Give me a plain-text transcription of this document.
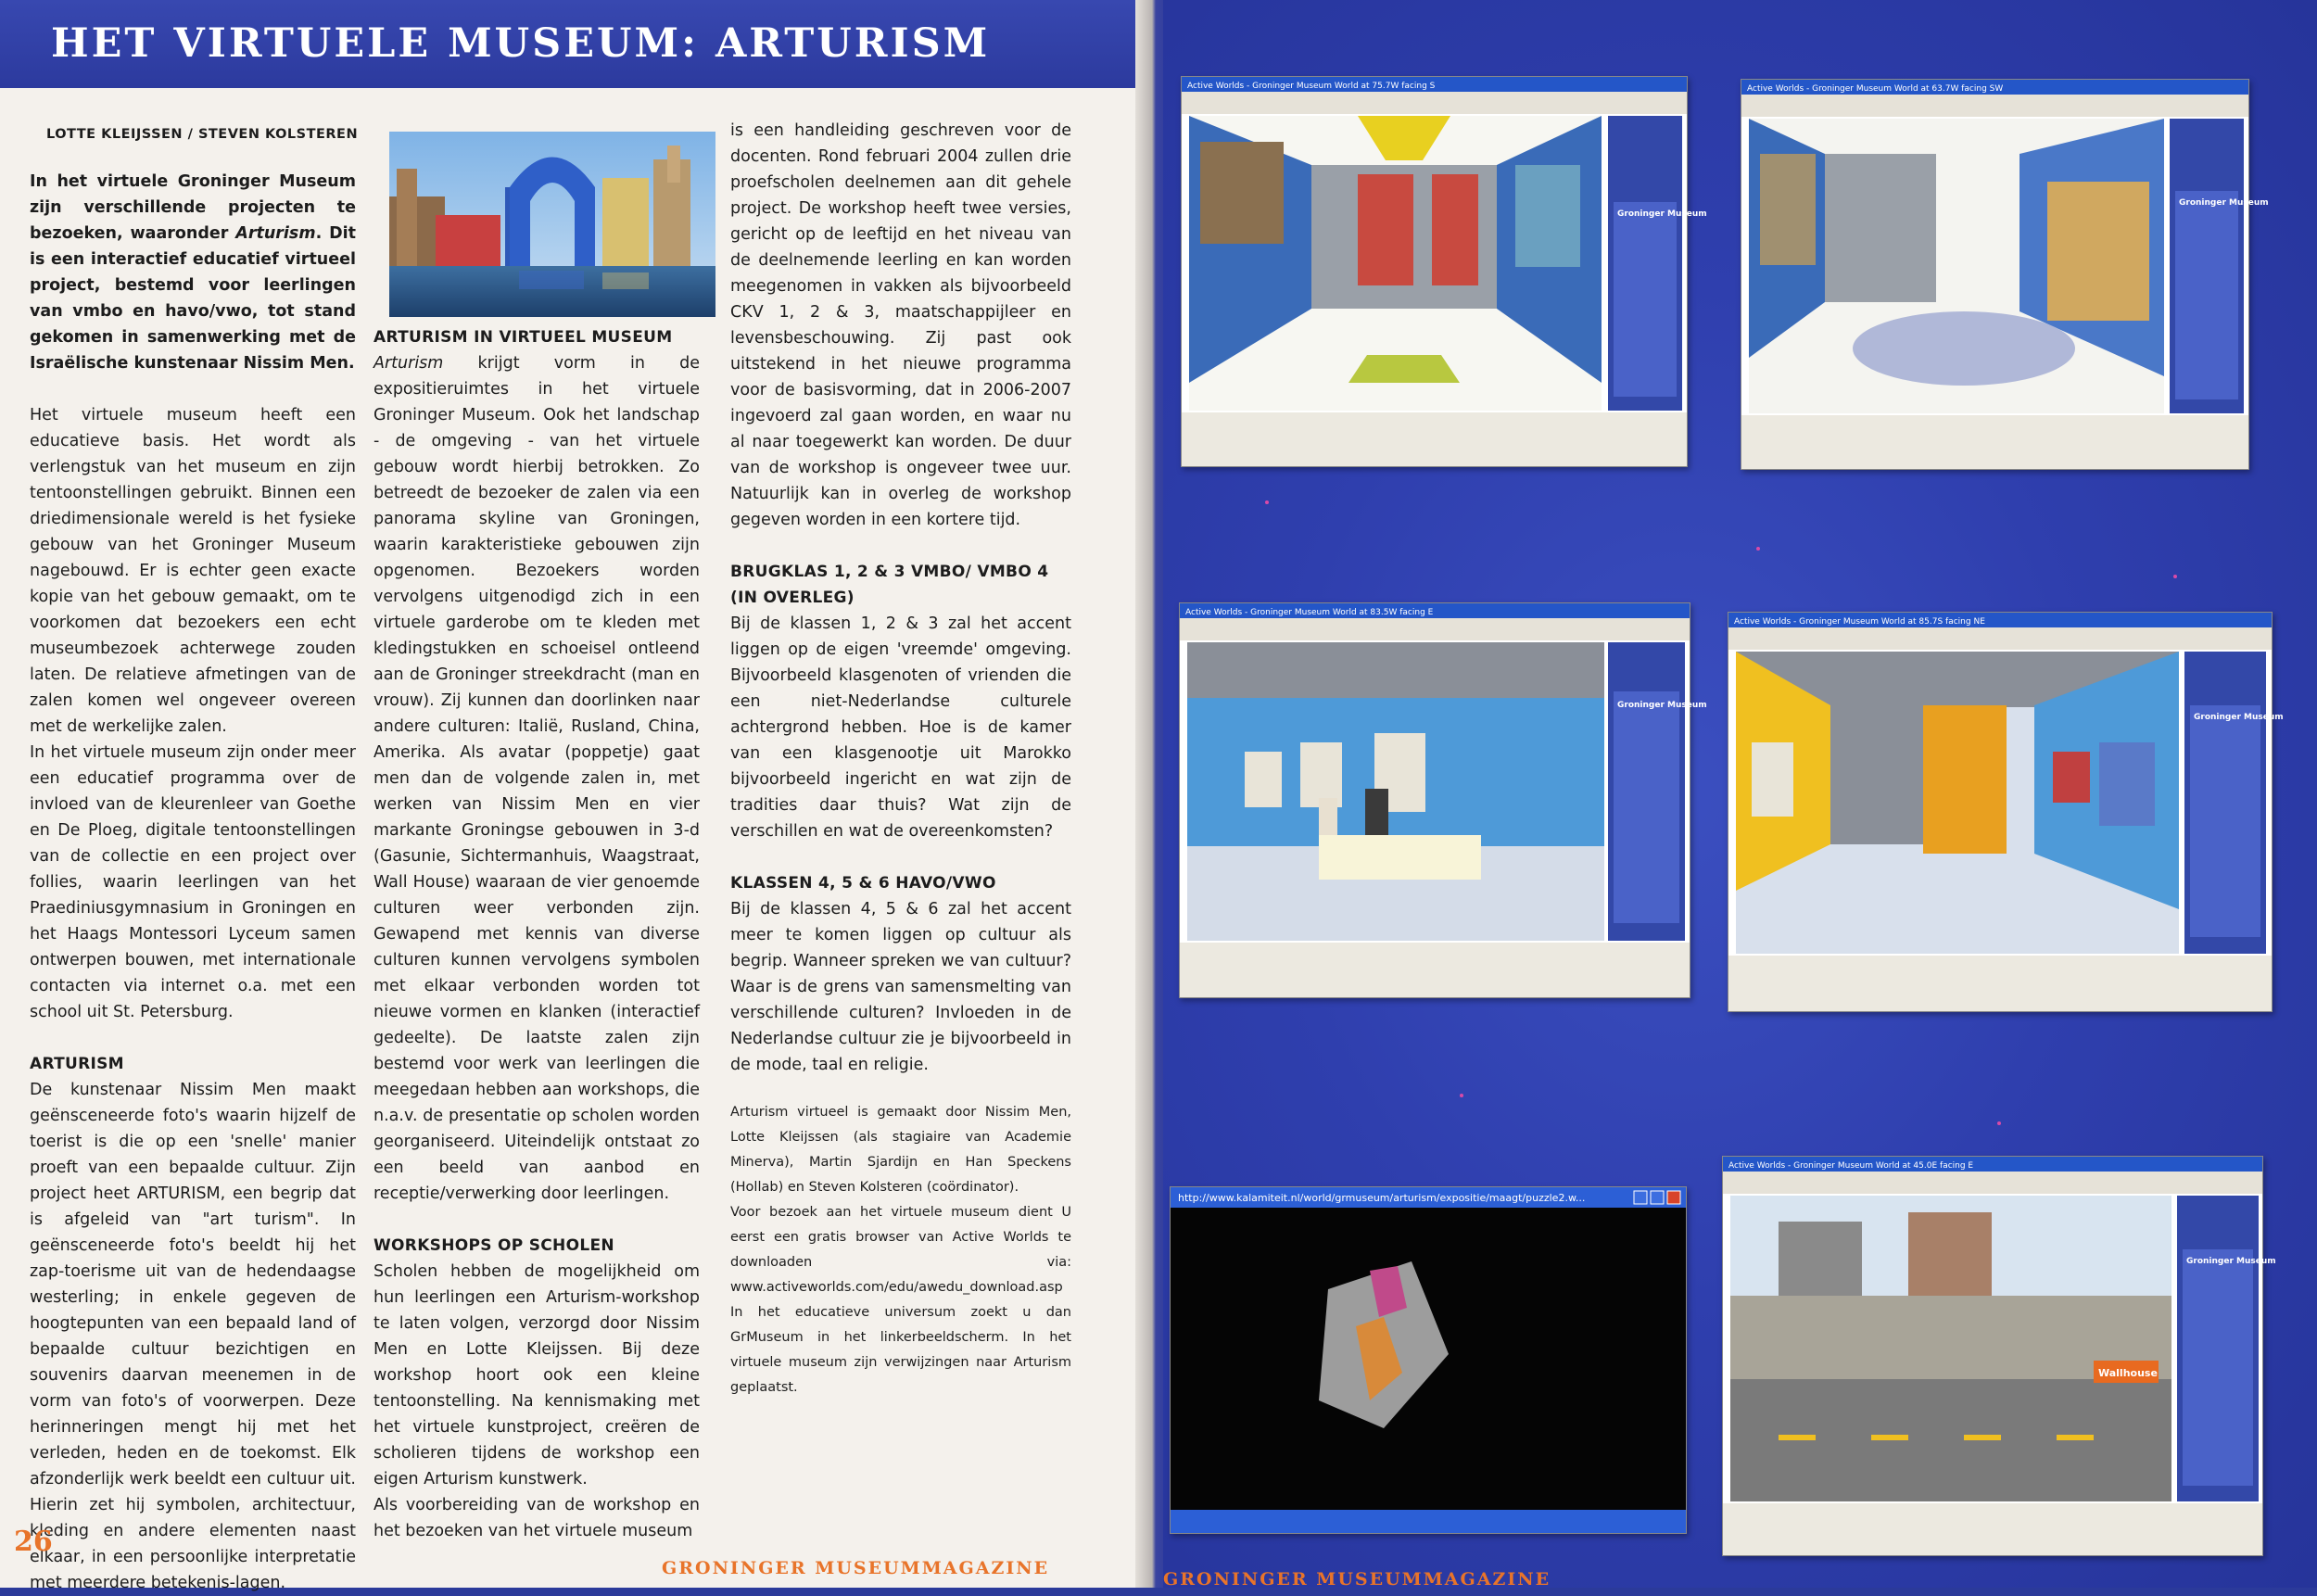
HET VIRTUELE MUSEUM: ARTURISM
LOTTE KLEIJSSEN / STEVEN KOLSTEREN

In het virtuele Groninger Museum zijn verschillende projecten te bezoeken, waaronder Arturism. Dit is een interactief educatief virtueel project, bestemd voor leerlingen van vmbo en havo/vwo, tot stand gekomen in samenwerking met de Israëlische kunstenaar Nissim Men.

Het virtuele museum heeft een educatieve basis. Het wordt als verlengstuk van het museum en zijn tentoonstellingen gebruikt. Binnen een driedimensionale wereld is het fysieke gebouw van het Groninger Museum nagebouwd. Er is echter geen exacte kopie van het gebouw gemaakt, om te voorkomen dat bezoekers een echt museumbezoek achterwege zouden laten. De relatieve afmetingen van de zalen komen wel ongeveer overeen met de werkelijke zalen.

In het virtuele museum zijn onder meer een educatief programma over de invloed van de kleurenleer van Goethe en De Ploeg, digitale tentoonstellingen van de collectie en een project over follies, waarin leerlingen van het Praediniusgymnasium in Groningen en het Haags Montessori Lyceum samen ontwerpen bouwen, met internationale contacten via internet o.a. met een school uit St. Petersburg.

ARTURISM

De kunstenaar Nissim Men maakt geënsceneerde foto's waarin hijzelf de toerist is die op een 'snelle' manier proeft van een bepaalde cultuur. Zijn project heet ARTURISM, een begrip dat is afgeleid van "art turism". In geënsceneerde foto's beeldt hij het zap-toerisme uit van de hedendaagse westerling; in enkele gegeven de hoogtepunten van een bepaald land of bepaalde cultuur bezichtigen en souvenirs daarvan meenemen in de vorm van foto's of voorwerpen. Deze herinneringen mengt hij met het verleden, heden en de toekomst. Elk afzonderlijk werk beeldt een cultuur uit. Hierin zet hij symbolen, architectuur, kleding en andere elementen naast elkaar, in een persoonlijke interpretatie met meerdere betekenis-lagen.

ARTURISM IN VIRTUEEL MUSEUM

Arturism krijgt vorm in de expositieruimtes in het virtuele Groninger Museum. Ook het landschap - de omgeving - van het virtuele gebouw wordt hierbij betrokken. Zo betreedt de bezoeker de zalen via een panorama skyline van Groningen, waarin karakteristieke gebouwen zijn opgenomen. Bezoekers worden vervolgens uitgenodigd zich in een virtuele garderobe om te kleden met kledingstukken en schoeisel ontleend aan de Groninger streekdracht (man en vrouw). Zij kunnen dan doorlinken naar andere culturen: Italië, Rusland, China, Amerika. Als avatar (poppetje) gaat men dan de volgende zalen in, met werken van Nissim Men en vier markante Groningse gebouwen in 3-d (Gasunie, Sichtermanhuis, Waagstraat, Wall House) waaraan de vier genoemde culturen weer verbonden zijn. Gewapend met kennis van diverse culturen kunnen vervolgens symbolen met elkaar verbonden worden tot nieuwe vormen en klanken (interactief gedeelte). De laatste zalen zijn bestemd voor werk van leerlingen die meegedaan hebben aan workshops, die n.a.v. de presentatie op scholen worden georganiseerd. Uiteindelijk ontstaat zo een beeld van aanbod en receptie/verwerking door leerlingen.

WORKSHOPS OP SCHOLEN

Scholen hebben de mogelijkheid om hun leerlingen een Arturism-workshop te laten volgen, verzorgd door Nissim Men en Lotte Kleijssen. Bij deze workshop hoort ook een kleine tentoonstelling. Na kennismaking met het virtuele kunstproject, creëren de scholieren tijdens de workshop een eigen Arturism kunstwerk.

Als voorbereiding van de workshop en het bezoeken van het virtuele museum

is een handleiding geschreven voor de docenten. Rond februari 2004 zullen drie proefscholen deelnemen aan dit gehele project. De workshop heeft twee versies, gericht op de leeftijd en het niveau van de deelnemende leerling en kan worden meegenomen in vakken als bijvoorbeeld CKV 1, 2 & 3, maatschappijleer en levensbeschouwing. Zij past ook uitstekend in het nieuwe programma voor de basisvorming, dat in 2006-2007 ingevoerd zal gaan worden, en waar nu al naar toegewerkt kan worden. De duur van de workshop is ongeveer twee uur. Natuurlijk kan in overleg de workshop gegeven worden in een kortere tijd.

BRUGKLAS 1, 2 & 3 VMBO/ VMBO 4 (IN OVERLEG)

Bij de klassen 1, 2 & 3 zal het accent liggen op de eigen 'vreemde' omgeving. Bijvoorbeeld klasgenoten of vrienden die een niet-Nederlandse culturele achtergrond hebben. Hoe is de kamer van een klasgenootje uit Marokko bijvoorbeeld ingericht en wat zijn de tradities daar thuis? Wat zijn de verschillen en wat de overeenkomsten?

KLASSEN 4, 5 & 6 HAVO/VWO

Bij de klassen 4, 5 & 6 zal het accent meer te komen liggen op cultuur als begrip. Wanneer spreken we van cultuur? Waar is de grens van samensmelting van verschillende culturen? Invloeden in de Nederlandse cultuur zie je bijvoorbeeld in de mode, taal en religie.

Arturism virtueel is gemaakt door Nissim Men, Lotte Kleijssen (als stagiaire van Academie Minerva), Martin Sjardijn en Han Speckens (Hollab) en Steven Kolsteren (coördinator).

Voor bezoek aan het virtuele museum dient U eerst een gratis browser van Active Worlds te downloaden via: www.activeworlds.com/edu/awedu_download.asp

In het educatieve universum zoekt u dan GrMuseum in het linkerbeeldscherm. In het virtuele museum zijn verwijzingen naar Arturism geplaatst.

26
GRONINGER MUSEUMMAGAZINE
Active Worlds - Groninger Museum World at 75.7W facing S
Groninger Museum
Active Worlds - Groninger Museum World at 63.7W facing SW
Groninger Museum
Active Worlds - Groninger Museum World at 83.5W facing E
Groninger Museum
Active Worlds - Groninger Museum World at 85.7S facing NE
Groninger Museum
http://www.kalamiteit.nl/world/grmuseum/arturism/expositie/maagt/puzzle2.w...
Active Worlds - Groninger Museum World at 45.0E facing E
Wallhouse
Groninger Museum
GRONINGER MUSEUMMAGAZINE
